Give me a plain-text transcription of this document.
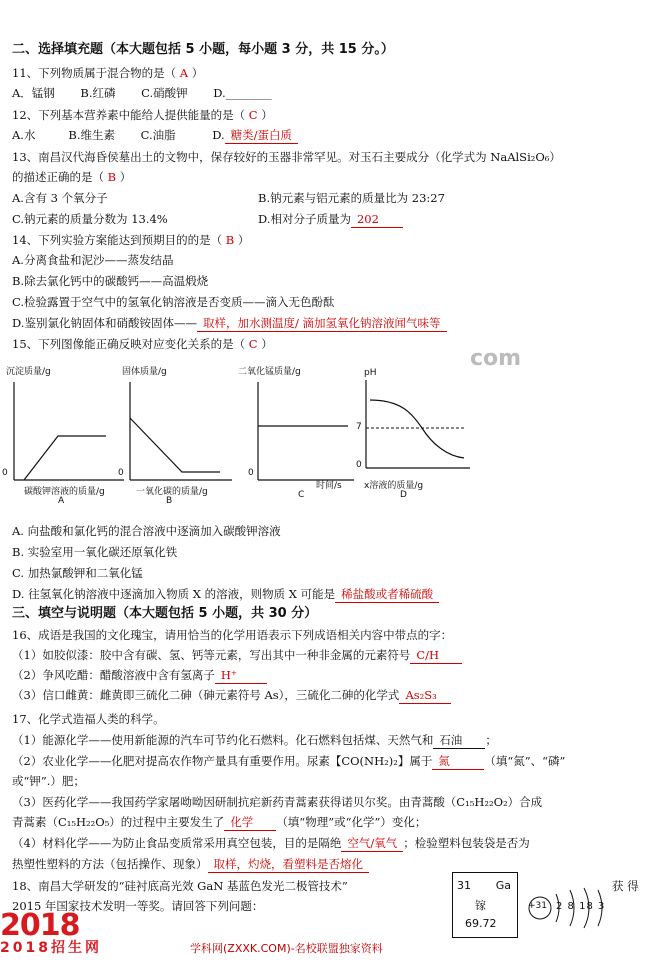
二、选择填充题（本大题包括 5 小题，每小题 3 分，共 15 分。）
11、下列物质属于混合物的是（ A ）
A．锰钢 B.红磷 C.硝酸钾 D.________
12、下列基本营养素中能给人提供能量的是（ C ）
A.水	B.维生素 C.油脂	D. 糖类/蛋白质
13、南昌汉代海昏侯墓出土的文物中，保存较好的玉器非常罕见。对玉石主要成分（化学式为 NaAlSi₂O₆）
的描述正确的是（ B ）
A.含有 3 个氧分子	B.钠元素与铝元素的质量比为 23:27
C.钠元素的质量分数为 13.4%	D.相对分子质量为 202
14、下列实验方案能达到预期目的的是（ B ）
A.分离食盐和泥沙——蒸发结晶
B.除去氯化钙中的碳酸钙——高温煅烧
C.检验露置于空气中的氢氧化钠溶液是否变质——滴入无色酚酞
D.鉴别氯化钠固体和硝酸铵固体—— 取样，加水测温度/ 滴加氢氧化钠溶液闻气味等
15、下列图像能正确反映对应变化关系的是（ C ）
沉淀质量/g
0
碳酸钾溶液的质量/g
A
固体质量/g
0
一氧化碳的质量/g
B
二氧化锰质量/g
0
时间/s
C
pH
7
0
x溶液的质量/g
D
A. 向盐酸和氯化钙的混合溶液中逐滴加入碳酸钾溶液
B. 实验室用一氧化碳还原氧化铁
C. 加热氯酸钾和二氧化锰
D. 往氢氧化钠溶液中逐滴加入物质 X 的溶液，则物质 X 可能是 稀盐酸或者稀硫酸
三、填空与说明题（本大题包括 5 小题，共 30 分）
16、成语是我国的文化瑰宝，请用恰当的化学用语表示下列成语相关内容中带点的字：
（1）如胶似漆：胶中含有碳、氢、钙等元素，写出其中一种非金属的元素符号 C/H
（2）争风吃醋：醋酸溶液中含有氢离子 H⁺
（3）信口雌黄：雌黄即三硫化二砷（砷元素符号 As），三硫化二砷的化学式 As₂S₃
17、化学式造福人类的科学。
（1）能源化学——使用新能源的汽车可节约化石燃料。化石燃料包括煤、天然气和 石油 ；
（2）农业化学——化肥对提高农作物产量具有重要作用。尿素【CO(NH₂)₂】属于 氮	（填“氮”、“磷”
或“钾”.）肥；
（3）医药化学——我国药学家屠呦呦因研制抗疟新药青蒿素获得诺贝尔奖。由青蒿酸（C₁₅H₂₂O₂）合成
青蒿素（C₁₅H₂₂O₅）的过程中主要发生了 化学 （填“物理”或“化学”）变化；
（4）材料化学——为防止食品变质常采用真空包装，目的是隔绝 空气/氧气 ；检验塑料包装袋是否为
热塑性塑料的方法（包括操作、现象） 取样，灼烧，看塑料是否熔化
18、南昌大学研发的“硅衬底高光效 GaN 基蓝色发光二极管技术”	获 得
2015 年国家技术发明一等奖。请回答下列问题：
31 Ga
镓
69.72
+31 2 8 18 3
com
2018
2018招生网	学科网(ZXXK.COM)-名校联盟独家资料
